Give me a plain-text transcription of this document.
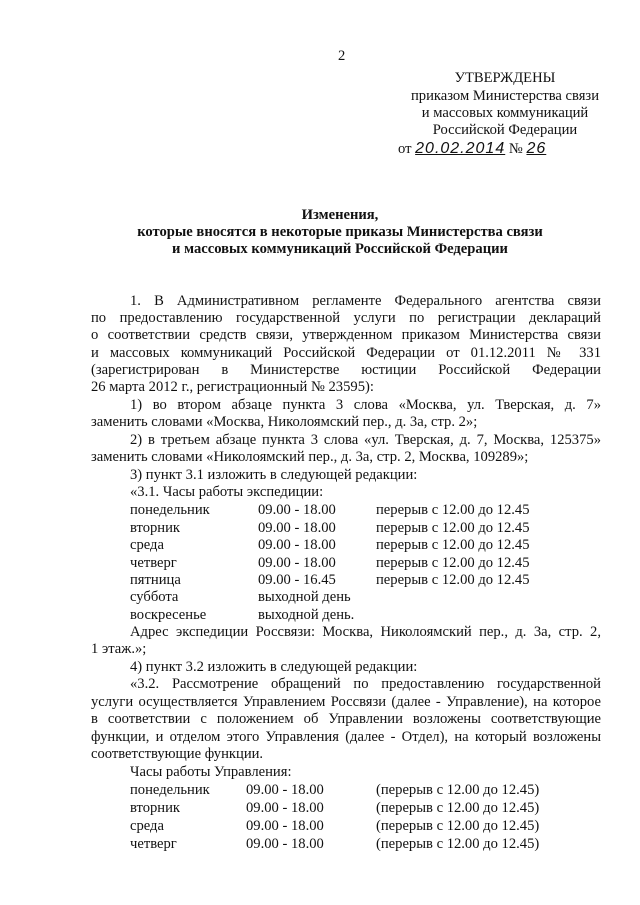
2
УТВЕРЖДЕНЫ
приказом Министерства связи
и массовых коммуникаций
Российской Федерации
от 20.02.2014 № 26
Изменения,
которые вносятся в некоторые приказы Министерства связи
и массовых коммуникаций Российской Федерации
1. В Административном регламенте Федерального агентства связи
по предоставлению государственной услуги по регистрации деклараций
о соответствии средств связи, утвержденном приказом Министерства связи
и массовых коммуникаций Российской Федерации от 01.12.2011 № 331
(зарегистрирован в Министерстве юстиции Российской Федерации
26 марта 2012 г., регистрационный № 23595):
1) во втором абзаце пункта 3 слова «Москва, ул. Тверская, д. 7»
заменить словами «Москва, Николоямский пер., д. 3а, стр. 2»;
2) в третьем абзаце пункта 3 слова «ул. Тверская, д. 7, Москва, 125375»
заменить словами «Николоямский пер., д. 3а, стр. 2, Москва, 109289»;
3) пункт 3.1 изложить в следующей редакции:
«3.1. Часы работы экспедиции:
понедельник	09.00 - 18.00	перерыв с 12.00 до 12.45
вторник	09.00 - 18.00	перерыв с 12.00 до 12.45
среда	09.00 - 18.00	перерыв с 12.00 до 12.45
четверг	09.00 - 18.00	перерыв с 12.00 до 12.45
пятница	09.00 - 16.45	перерыв с 12.00 до 12.45
суббота	выходной день
воскресенье	выходной день.
Адрес экспедиции Россвязи: Москва, Николоямский пер., д. 3а, стр. 2,
1 этаж.»;
4) пункт 3.2 изложить в следующей редакции:
«3.2. Рассмотрение обращений по предоставлению государственной
услуги осуществляется Управлением Россвязи (далее - Управление), на которое
в соответствии с положением об Управлении возложены соответствующие
функции, и отделом этого Управления (далее - Отдел), на который возложены
соответствующие функции.
Часы работы Управления:
понедельник 09.00 - 18.00	(перерыв с 12.00 до 12.45)
вторник	09.00 - 18.00	(перерыв с 12.00 до 12.45)
среда	09.00 - 18.00	(перерыв с 12.00 до 12.45)
четверг	09.00 - 18.00	(перерыв с 12.00 до 12.45)
